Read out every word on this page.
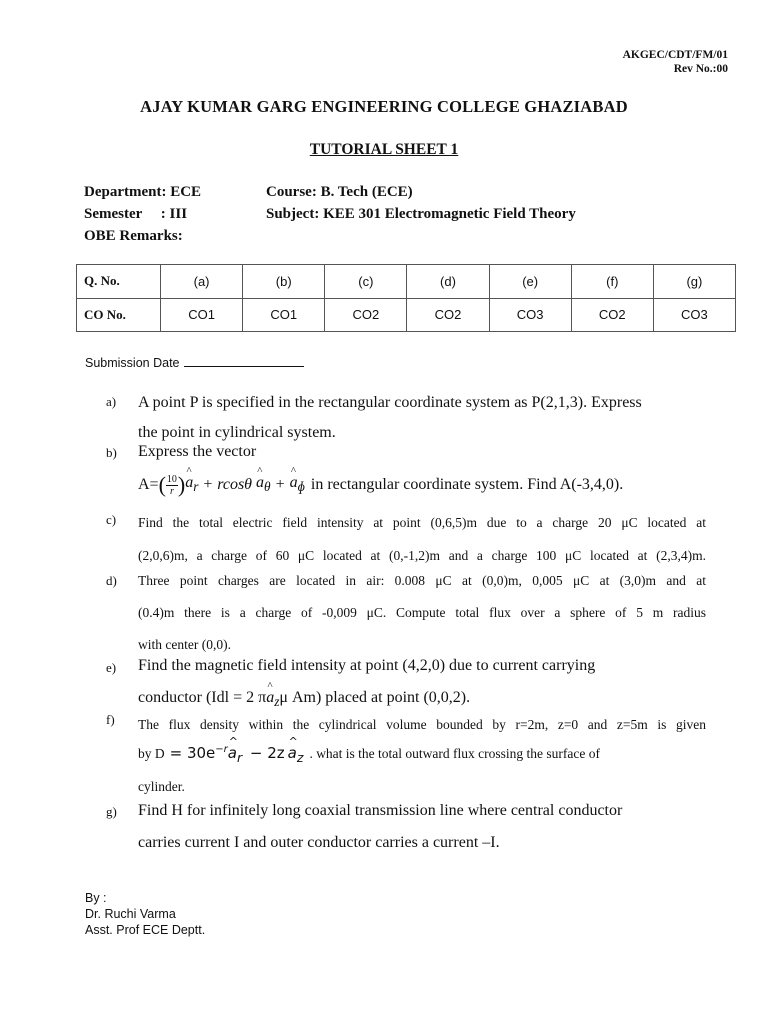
AKGEC/CDT/FM/01
Rev No.:00
AJAY KUMAR GARG ENGINEERING COLLEGE GHAZIABAD
TUTORIAL SHEET 1
Department: ECE
Semester     : III
OBE Remarks:
Course: B. Tech (ECE)
Subject: KEE 301 Electromagnetic Field Theory
Q. No.	(a)	(b)	(c)	(d)	(e)	(f)	(g)
CO No.	CO1	CO1	CO2	CO2	CO3	CO2	CO3
Submission Date
a) A point P is specified in the rectangular coordinate system as P(2,1,3). Express
the point in cylindrical system.
b) Express the vector
A= ( $\frac{10}{r}$ ) ^ $a_r + rcos\theta$ ^ $a_\theta$ + ^ $a_ɸ$ in rectangular coordinate system. Find A(-3,4,0).
c) Find the total electric field intensity at point (0,6,5)m due to a charge 20 μC located at
(2,0,6)m, a charge of 60 μC located at (0,-1,2)m and a charge 100 μC located at (2,3,4)m.
d) Three point charges are located in air: 0.008 μC at (0,0)m, 0,005 μC at (3,0)m and at
(0.4)m there is a charge of -0,009 μC. Compute total flux over a sphere of 5 m radius
with center (0,0).
e) Find the magnetic field intensity at point (4,2,0) due to current carrying
conductor (Idl = 2 π^ $a_z\mu$ Am) placed at point (0,0,2).
f) The flux density within the cylindrical volume bounded by r=2m, z=0 and z=5m is given
by $D = 30e^{-r}\^{}$ $a_r - 2z$ ^ $a_z$ . what is the total outward flux crossing the surface of
cylinder.
g) Find H for infinitely long coaxial transmission line where central conductor
carries current I and outer conductor carries a current –I.
By :
Dr. Ruchi Varma
Asst. Prof ECE Deptt.
